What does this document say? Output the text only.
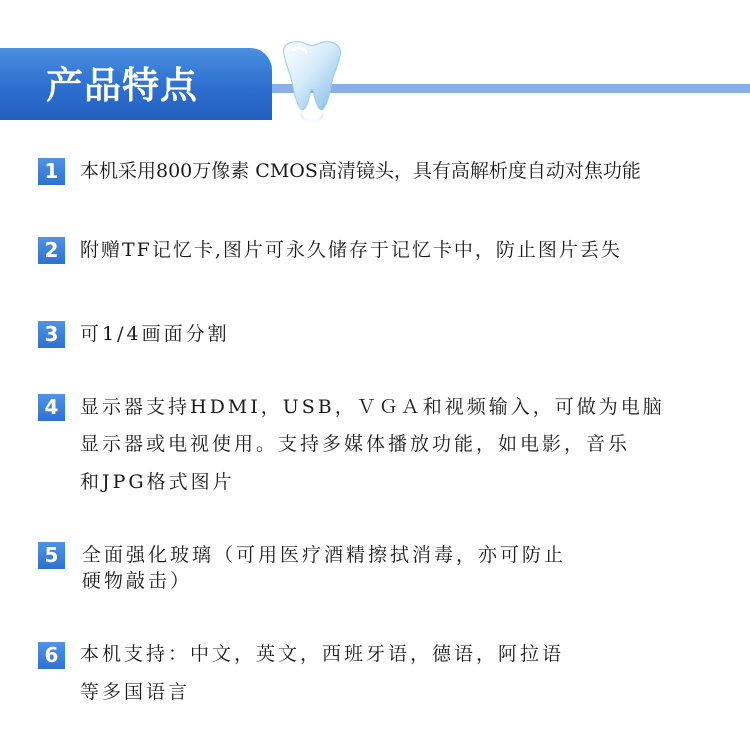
产品特点
1	本机采用800万像素 CMOS高清镜头，具有高解析度自动对焦功能
2	附赠TF记忆卡,图片可永久储存于记忆卡中，防止图片丢失
3	可1/4画面分割
4	显示器支持HDMI，USB，ＶＧＡ和视频输入，可做为电脑
显示器或电视使用。支持多媒体播放功能，如电影，音乐
和JPG格式图片
5	全面强化玻璃（可用医疗酒精擦拭消毒，亦可防止
硬物敲击）
6	本机支持：中文，英文，西班牙语，德语，阿拉语
等多国语言
